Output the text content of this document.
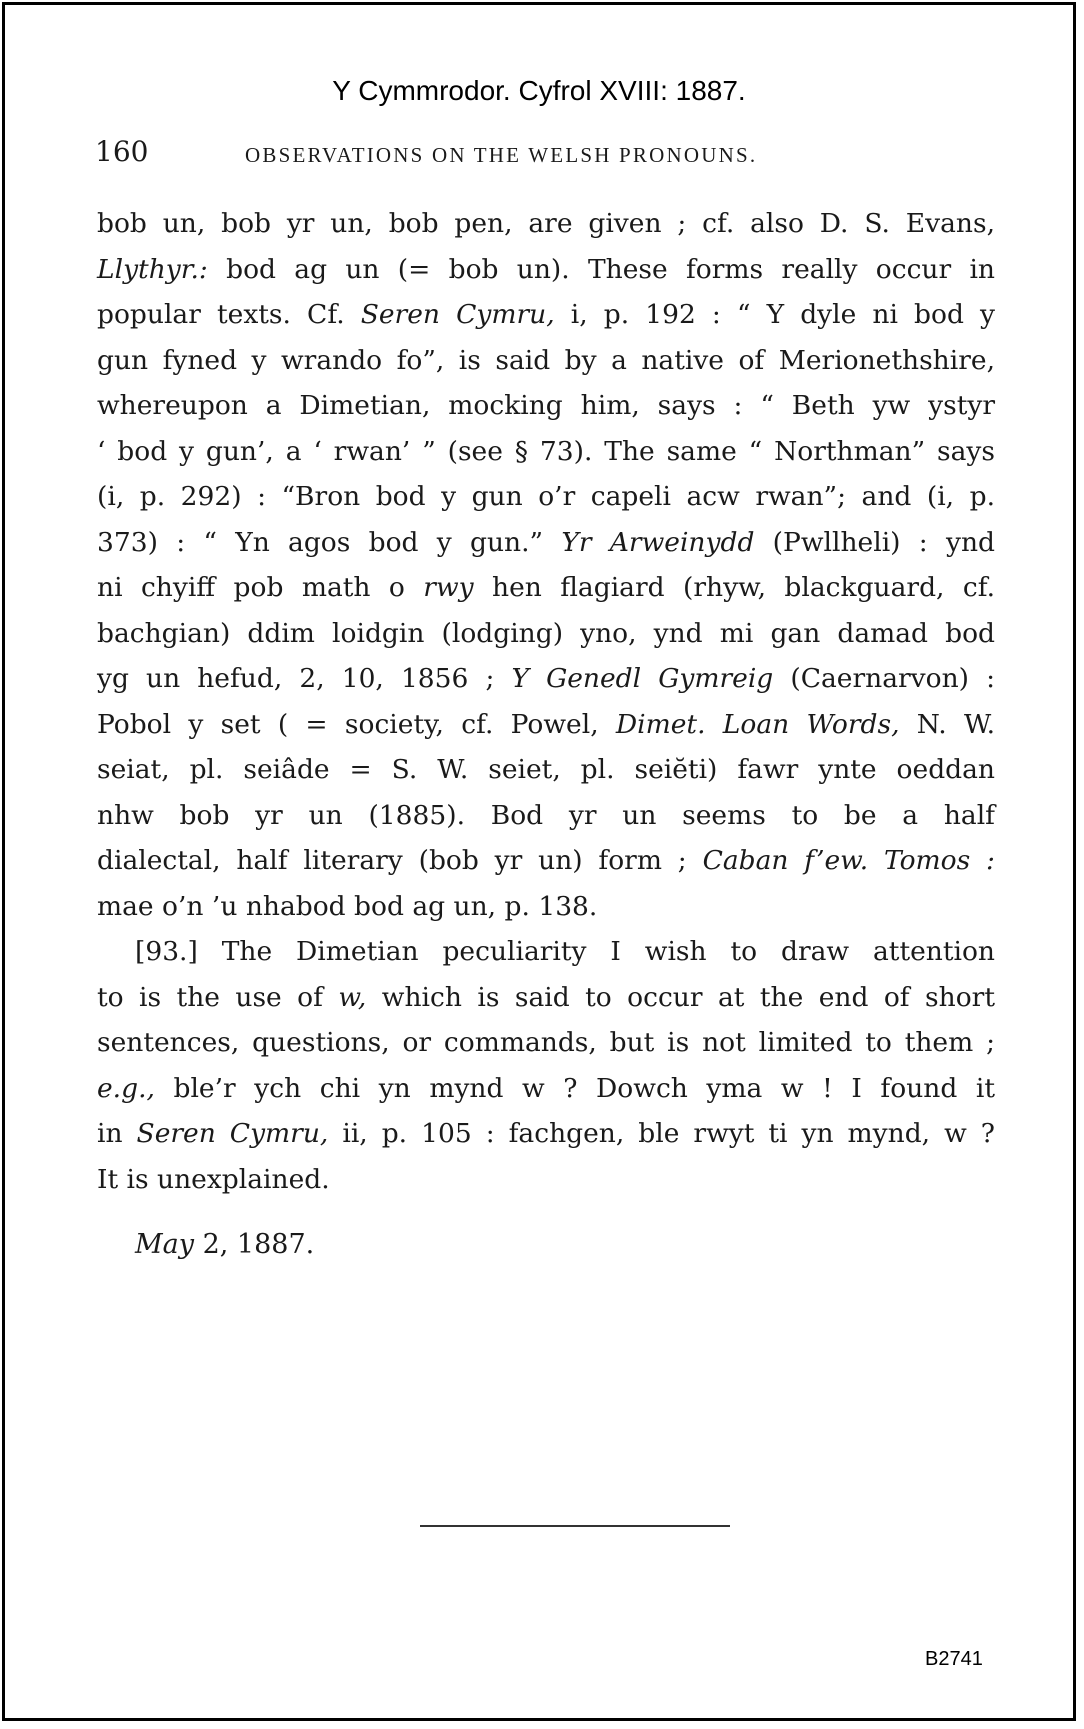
Y Cymmrodor. Cyfrol XVIII: 1887.
160	OBSERVATIONS ON THE WELSH PRONOUNS.
bob un, bob yr un, bob pen, are given ; cf. also D. S. Evans,
Llythyr.: bod ag un (= bob un). These forms really occur in
popular texts. Cf. Seren Cymru, i, p. 192 : “ Y dyle ni bod y
gun fyned y wrando fo”, is said by a native of Merionethshire,
whereupon a Dimetian, mocking him, says : “ Beth yw ystyr
‘ bod y gun’, a ‘ rwan’ ” (see § 73). The same “ Northman” says
(i, p. 292) : “Bron bod y gun o’r capeli acw rwan”; and (i, p.
373) : “ Yn agos bod y gun.” Yr Arweinydd (Pwllheli) : ynd
ni chyiff pob math o rwy hen flagiard (rhyw, blackguard, cf.
bachgian) ddim loidgin (lodging) yno, ynd mi gan damad bod
yg un hefud, 2, 10, 1856 ; Y Genedl Gymreig (Caernarvon) :
Pobol y set ( = society, cf. Powel, Dimet. Loan Words, N. W.
seiat, pl. seiâde = S. W. seiet, pl. seiĕti) fawr ynte oeddan
nhw bob yr un (1885). Bod yr un seems to be a half
dialectal, half literary (bob yr un) form ; Caban f’ew. Tomos :
mae o’n ’u nhabod bod ag un, p. 138.
[93.] The Dimetian peculiarity I wish to draw attention
to is the use of w, which is said to occur at the end of short
sentences, questions, or commands, but is not limited to them ;
e.g., ble’r ych chi yn mynd w ? Dowch yma w ! I found it
in Seren Cymru, ii, p. 105 : fachgen, ble rwyt ti yn mynd, w ?
It is unexplained.
May 2, 1887.
B2741
